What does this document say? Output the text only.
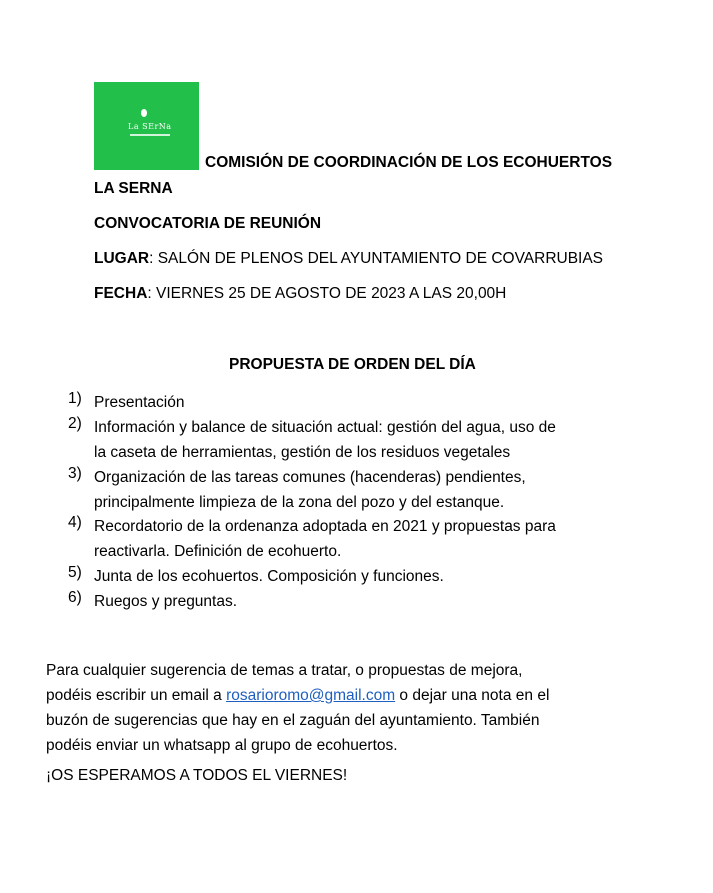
La SErNa
COMISIÓN DE COORDINACIÓN DE LOS ECOHUERTOS
LA SERNA
CONVOCATORIA DE REUNIÓN
LUGAR: SALÓN DE PLENOS DEL AYUNTAMIENTO DE COVARRUBIAS
FECHA: VIERNES 25 DE AGOSTO DE 2023 A LAS 20,00H
PROPUESTA DE ORDEN DEL DÍA
1) Presentación
2) Información y balance de situación actual: gestión del agua, uso de
la caseta de herramientas, gestión de los residuos vegetales
3) Organización de las tareas comunes (hacenderas) pendientes,
principalmente limpieza de la zona del pozo y del estanque.
4) Recordatorio de la ordenanza adoptada en 2021 y propuestas para
reactivarla. Definición de ecohuerto.
5) Junta de los ecohuertos. Composición y funciones.
6) Ruegos y preguntas.
Para cualquier sugerencia de temas a tratar, o propuestas de mejora,
podéis escribir un email a rosarioromo@gmail.com o dejar una nota en el
buzón de sugerencias que hay en el zaguán del ayuntamiento. También
podéis enviar un whatsapp al grupo de ecohuertos.
¡OS ESPERAMOS A TODOS EL VIERNES!
